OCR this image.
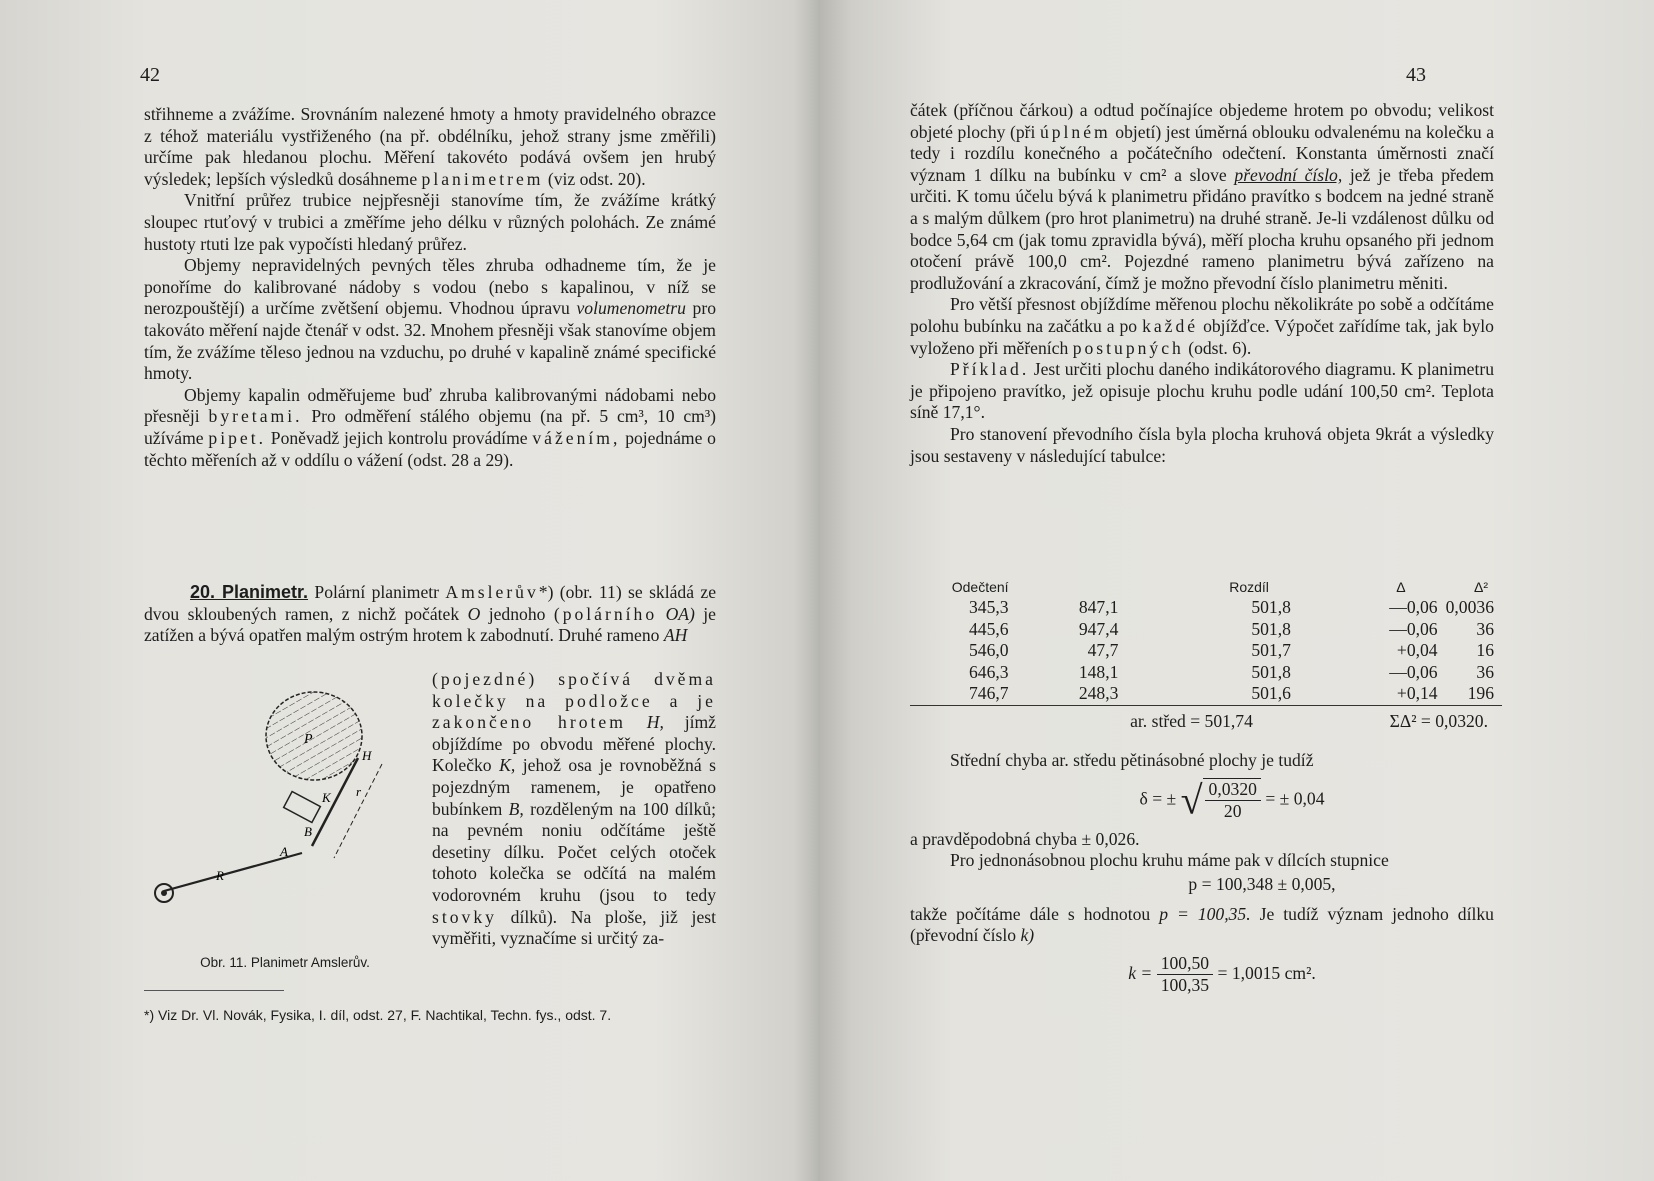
42

střihneme a zvážíme. Srovnáním nalezené hmoty a hmoty pravidelného obrazce z téhož materiálu vystřiženého (na př. obdélníku, jehož strany jsme změřili) určíme pak hledanou plochu. Měření takovéto podává ovšem jen hrubý výsledek; lepších výsledků dosáhneme planimetrem (viz odst. 20).

Vnitřní průřez trubice nejpřesněji stanovíme tím, že zvážíme krátký sloupec rtuťový v trubici a změříme jeho délku v různých polohách. Ze známé hustoty rtuti lze pak vypočísti hledaný průřez.

Objemy nepravidelných pevných těles zhruba odhadneme tím, že je ponoříme do kalibrované nádoby s vodou (nebo s kapalinou, v níž se nerozpouštějí) a určíme zvětšení objemu. Vhodnou úpravu volumenometru pro takováto měření najde čtenář v odst. 32. Mnohem přesněji však stanovíme objem tím, že zvážíme těleso jednou na vzduchu, po druhé v kapalině známé specifické hmoty.

Objemy kapalin odměřujeme buď zhruba kalibrovanými nádobami nebo přesněji byretami. Pro odměření stálého objemu (na př. 5 cm³, 10 cm³) užíváme pipet. Poněvadž jejich kontrolu provádíme vážením, pojednáme o těchto měřeních až v oddílu o vážení (odst. 28 a 29).

20. Planimetr. Polární planimetr Amslerův*) (obr. 11) se skládá ze dvou skloubených ramen, z nichž počátek O jednoho (polárního OA) je zatížen a bývá opatřen malým ostrým hrotem k zabodnutí. Druhé rameno AH
(pojezdné) spočívá dvěma kolečky na podložce a je zakončeno hrotem H, jímž objíždíme po obvodu měřené plochy. Kolečko K, jehož osa je rovnoběžná s pojezdným ramenem, je opatřeno bubínkem B, rozděleným na 100 dílků; na pevném noniu odčítáme ještě desetiny dílku. Počet celých otoček tohoto kolečka se odčítá na malém vodorovném kruhu (jsou to tedy stovky dílků). Na ploše, již jest vyměřiti, vyznačíme si určitý za-
P
H
K r
B
A
R
Obr. 11. Planimetr Amslerův.
*) Viz Dr. Vl. Novák, Fysika, I. díl, odst. 27, F. Nachtikal, Techn. fys., odst. 7.
43

čátek (příčnou čárkou) a odtud počínajíce objedeme hrotem po obvodu; velikost objeté plochy (při úplném objetí) jest úměrná oblouku odvalenému na kolečku a tedy i rozdílu konečného a počátečního odečtení. Konstanta úměrnosti značí význam 1 dílku na bubínku v cm² a slove převodní číslo, jež je třeba předem určiti. K tomu účelu bývá k planimetru přidáno pravítko s bodcem na jedné straně a s malým důlkem (pro hrot planimetru) na druhé straně. Je-li vzdálenost důlku od bodce 5,64 cm (jak tomu zpravidla bývá), měří plocha kruhu opsaného při jednom otočení právě 100,0 cm². Pojezdné rameno planimetru bývá zařízeno na prodlužování a zkracování, čímž je možno převodní číslo planimetru měniti.

Pro větší přesnost objíždíme měřenou plochu několikráte po sobě a odčítáme polohu bubínku na začátku a po každé objížďce. Výpočet zařídíme tak, jak bylo vyloženo při měřeních postupných (odst. 6).

Příklad. Jest určiti plochu daného indikátorového diagramu. K planimetru je připojeno pravítko, jež opisuje plochu kruhu podle udání 100,50 cm². Teplota síně 17,1°.

Pro stanovení převodního čísla byla plocha kruhová objeta 9krát a výsledky jsou sestaveny v následující tabulce:

Odečtení		Rozdíl	Δ	Δ²
345,3	847,1	501,8	—0,06	0,0036
445,6	947,4	501,8	—0,06	36
546,0	47,7	501,7	+0,04	16
646,3	148,1	501,8	—0,06	36
746,7	248,3	501,6	+0,14	196
ar. střed = 501,74			ΣΔ² = 0,0320.	

Střední chyba ar. středu pětinásobné plochy je tudíž

δ = ± √ $\frac{0,0320}{20}$ = ± 0,04

a pravděpodobná chyba ± 0,026.

Pro jednonásobnou plochu kruhu máme pak v dílcích stupnice

p = 100,348 ± 0,005,

takže počítáme dále s hodnotou p = 100,35. Je tudíž význam jednoho dílku (převodní číslo k)

$k = \frac{100,50}{100,35} = 1,0015$ cm².
